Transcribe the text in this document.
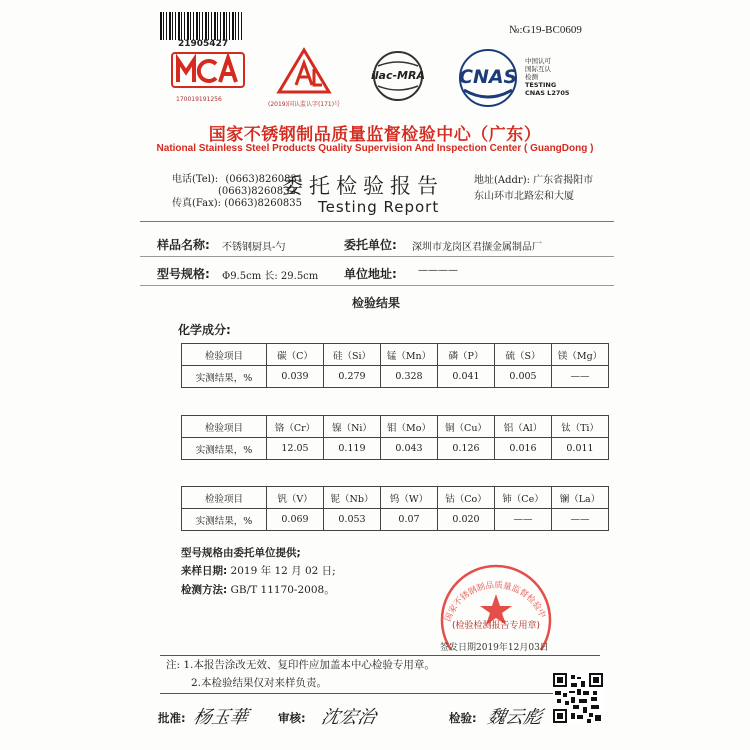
21905427
№:G19-BC0609
170019191256
(2019)国认监认字(171)号
ilac-MRA CNAS
中国认可
国际互认
检测
TESTING
CNAS L2705
国家不锈钢制品质量监督检验中心（广东）
National Stainless Steel Products Quality Supervision And Inspection Center ( GuangDong )
电话(Tel): (0663)8260831
(0663)8260832
传真(Fax): (0663)8260835
委托检验报告
Testing Report
地址(Addr): 广东省揭阳市
东山环市北路宏和大厦
样品名称: 不锈钢厨具-勺	委托单位: 深圳市龙岗区君撷金属制品厂
型号规格: Φ9.5cm 长: 29.5cm 单位地址: ————
检验结果
化学成分:
检验项目	碳（C）	硅（Si）	锰（Mn）	磷（P）	硫（S）	镁（Mg）
实测结果，%	0.039	0.279	0.328	0.041	0.005	——
检验项目	铬（Cr）	镍（Ni）	钼（Mo）	铜（Cu）	铝（Al）	钛（Ti）
实测结果，%	12.05	0.119	0.043	0.126	0.016	0.011
检验项目	钒（V）	铌（Nb）	钨（W）	钴（Co）	铈（Ce）	镧（La）
实测结果，%	0.069	0.053	0.07	0.020	——	——
型号规格由委托单位提供;
来样日期: 2019 年 12 月 02 日;
检测方法: GB/T 11170-2008。
国家不锈钢制品质量监督检验中
(检验检测报告专用章)
签发日期2019年12月03日
注: 1.本报告涂改无效、复印件应加盖本中心检验专用章。
2.本检验结果仅对来样负责。
批准: 杨玉華 审核: 沈宏治	检验: 魏云彪
